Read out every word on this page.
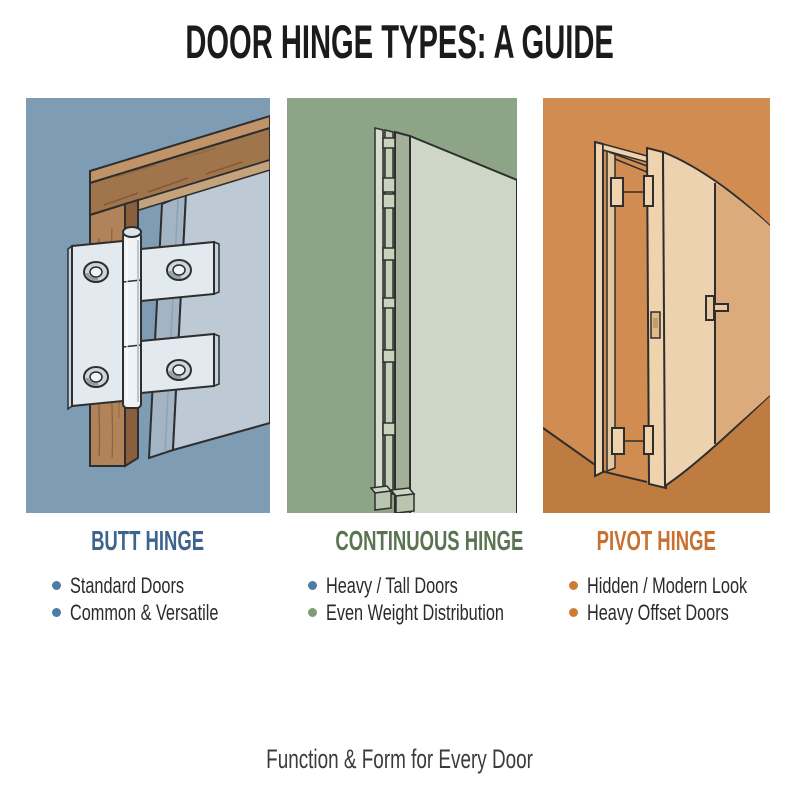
DOOR HINGE TYPES: A GUIDE
BUTT HINGE
Standard Doors
Common & Versatile
CONTINUOUS HINGE
Heavy / Tall Doors
Even Weight Distribution
PIVOT HINGE
Hidden / Modern Look
Heavy Offset Doors
Function & Form for Every Door
